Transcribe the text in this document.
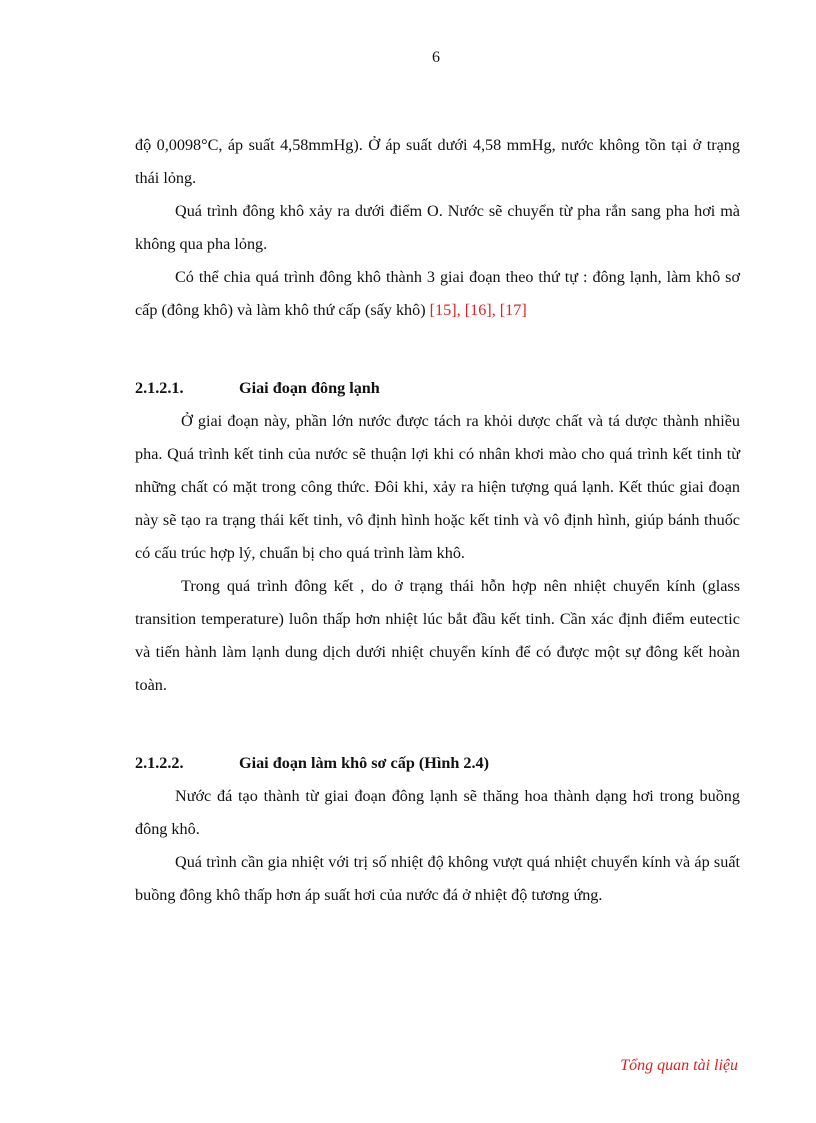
6

độ 0,0098°C, áp suất 4,58mmHg). Ở áp suất dưới 4,58 mmHg, nước không tồn tại ở trạng thái lỏng.

Quá trình đông khô xảy ra dưới điểm O. Nước sẽ chuyển từ pha rắn sang pha hơi mà không qua pha lỏng.

Có thể chia quá trình đông khô thành 3 giai đoạn theo thứ tự : đông lạnh, làm khô sơ cấp (đông khô) và làm khô thứ cấp (sấy khô) [15], [16], [17]

2.1.2.1.	Giai đoạn đông lạnh

Ở giai đoạn này, phần lớn nước được tách ra khỏi dược chất và tá dược thành nhiều pha. Quá trình kết tinh của nước sẽ thuận lợi khi có nhân khơi mào cho quá trình kết tinh từ những chất có mặt trong công thức. Đôi khi, xảy ra hiện tượng quá lạnh. Kết thúc giai đoạn này sẽ tạo ra trạng thái kết tinh, vô định hình hoặc kết tinh và vô định hình, giúp bánh thuốc có cấu trúc hợp lý, chuẩn bị cho quá trình làm khô.

Trong quá trình đông kết , do ở trạng thái hỗn hợp nên nhiệt chuyển kính (glass transition temperature) luôn thấp hơn nhiệt lúc bắt đầu kết tinh. Cần xác định điểm eutectic và tiến hành làm lạnh dung dịch dưới nhiệt chuyển kính để có được một sự đông kết hoàn toàn.

2.1.2.2.	Giai đoạn làm khô sơ cấp (Hình 2.4)

Nước đá tạo thành từ giai đoạn đông lạnh sẽ thăng hoa thành dạng hơi trong buồng đông khô.

Quá trình cần gia nhiệt với trị số nhiệt độ không vượt quá nhiệt chuyển kính và áp suất buồng đông khô thấp hơn áp suất hơi của nước đá ở nhiệt độ tương ứng.

Tổng quan tài liệu
